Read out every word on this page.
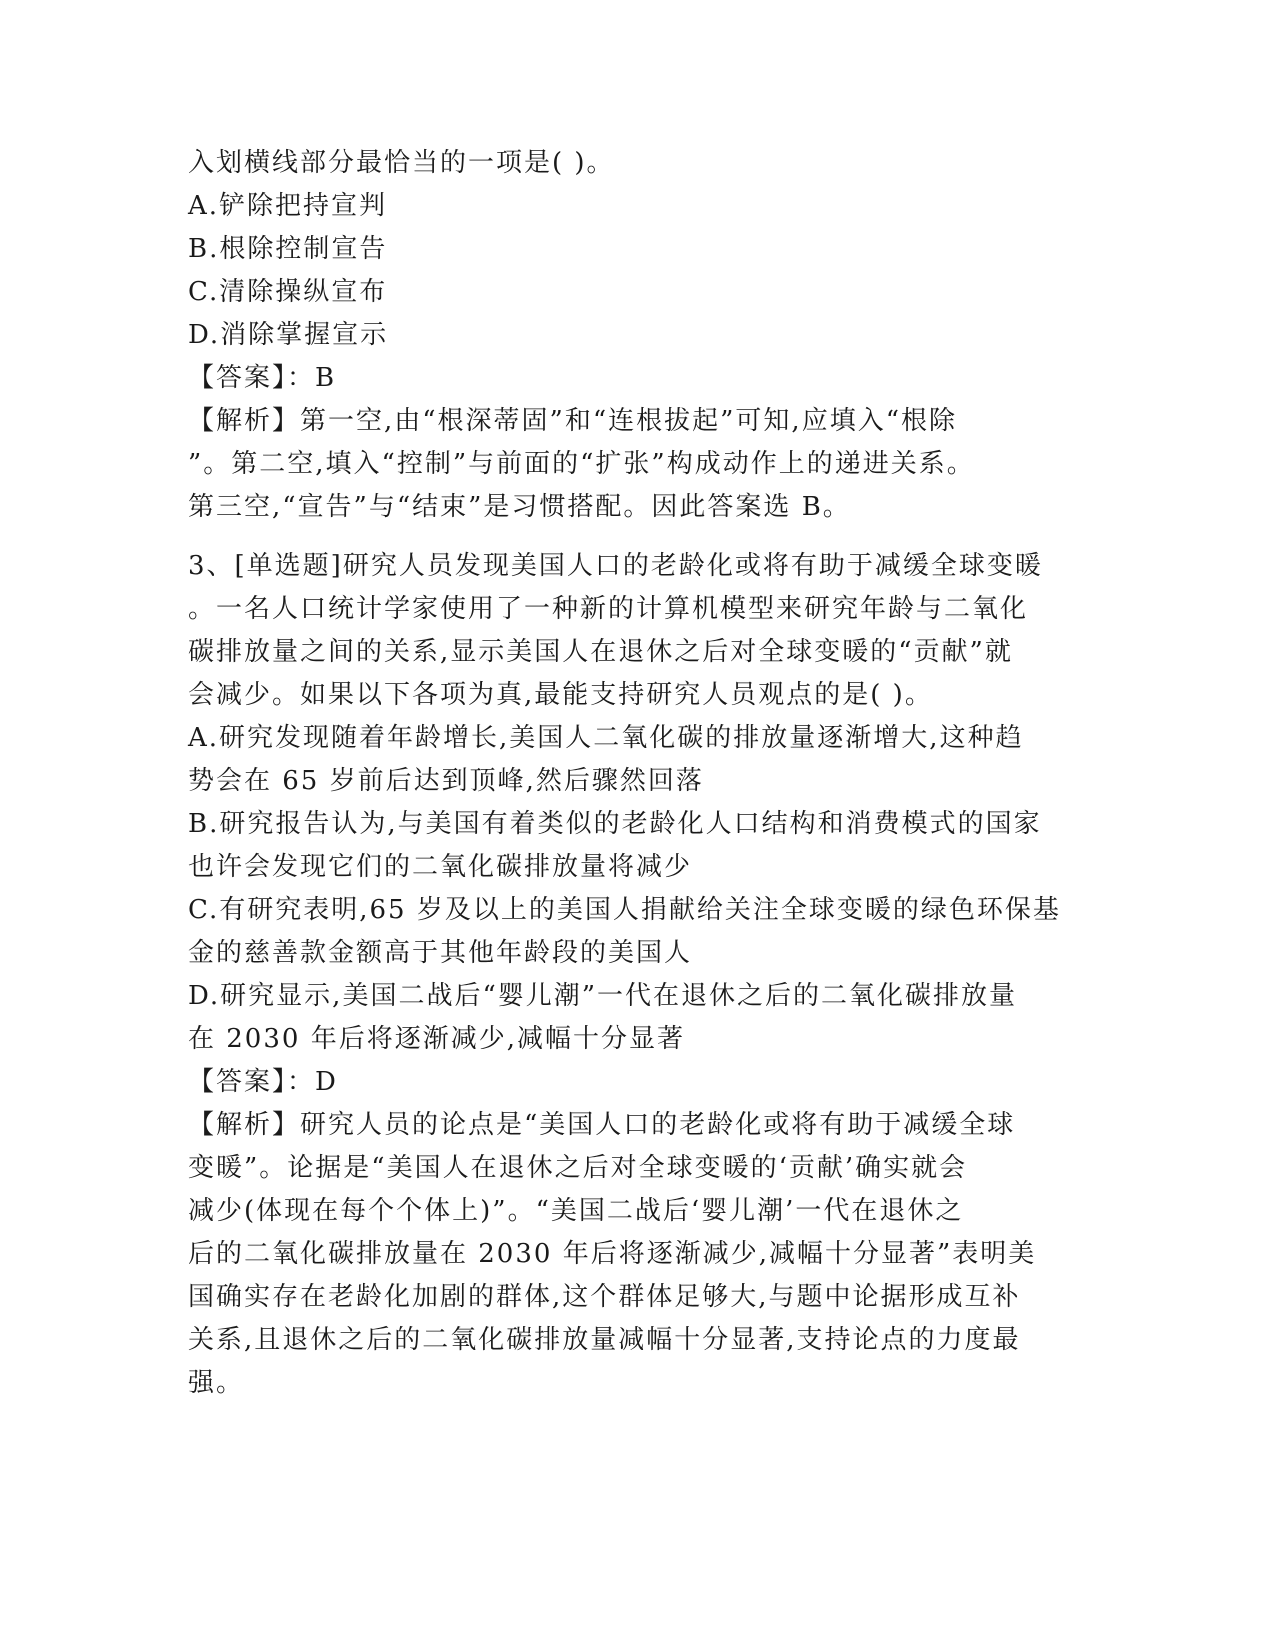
入划横线部分最恰当的一项是( )。
A.铲除把持宣判
B.根除控制宣告
C.清除操纵宣布
D.消除掌握宣示
【答案】：B
【解析】第一空,由“根深蒂固”和“连根拔起”可知,应填入“根除
”。第二空,填入“控制”与前面的“扩张”构成动作上的递进关系。
第三空,“宣告”与“结束”是习惯搭配。因此答案选 B。
3、[单选题]研究人员发现美国人口的老龄化或将有助于减缓全球变暖
。一名人口统计学家使用了一种新的计算机模型来研究年龄与二氧化
碳排放量之间的关系,显示美国人在退休之后对全球变暖的“贡献”就
会减少。如果以下各项为真,最能支持研究人员观点的是( )。
A.研究发现随着年龄增长,美国人二氧化碳的排放量逐渐增大,这种趋
势会在 65 岁前后达到顶峰,然后骤然回落
B.研究报告认为,与美国有着类似的老龄化人口结构和消费模式的国家
也许会发现它们的二氧化碳排放量将减少
C.有研究表明,65 岁及以上的美国人捐献给关注全球变暖的绿色环保基
金的慈善款金额高于其他年龄段的美国人
D.研究显示,美国二战后“婴儿潮”一代在退休之后的二氧化碳排放量
在 2030 年后将逐渐减少,减幅十分显著
【答案】：D
【解析】研究人员的论点是“美国人口的老龄化或将有助于减缓全球
变暖”。论据是“美国人在退休之后对全球变暖的‘贡献’确实就会
减少(体现在每个个体上)”。“美国二战后‘婴儿潮’一代在退休之
后的二氧化碳排放量在 2030 年后将逐渐减少,减幅十分显著”表明美
国确实存在老龄化加剧的群体,这个群体足够大,与题中论据形成互补
关系,且退休之后的二氧化碳排放量减幅十分显著,支持论点的力度最
强。
